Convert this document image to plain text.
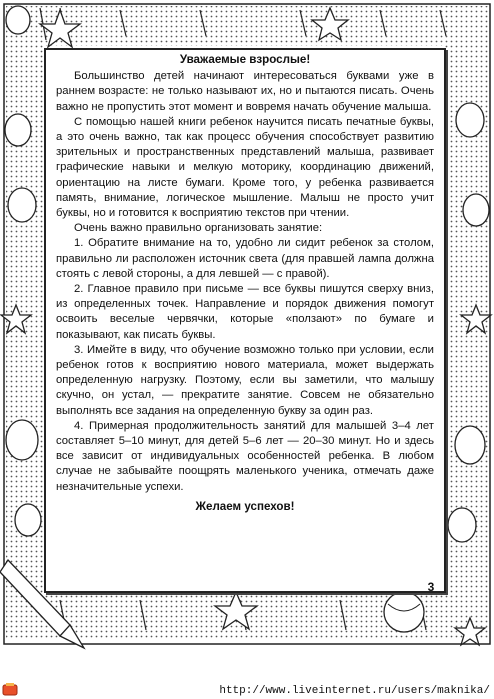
Уважаемые взрослые!

Большинство детей начинают интересоваться буквами уже в раннем возрасте: не только называют их, но и пытаются писать. Очень важно не пропустить этот момент и вовремя начать обучение малыша.

С помощью нашей книги ребенок научится писать печатные буквы, а это очень важно, так как процесс обучения способствует развитию зрительных и пространственных представлений малыша, развивает графические навыки и мелкую моторику, координацию движений, ориентацию на листе бумаги. Кроме того, у ребенка развивается память, внимание, логическое мышление. Малыш не просто учит буквы, но и готовится к восприятию текстов при чтении.

Очень важно правильно организовать занятие:

1. Обратите внимание на то, удобно ли сидит ребенок за столом, правильно ли расположен источник света (для правшей лампа должна стоять с левой стороны, а для левшей — с правой).

2. Главное правило при письме — все буквы пишутся сверху вниз, из определенных точек. Направление и порядок движения помогут освоить веселые червячки, которые «ползают» по бумаге и показывают, как писать буквы.

3. Имейте в виду, что обучение возможно только при условии, если ребенок готов к восприятию нового материала, может выдержать определенную нагрузку. Поэтому, если вы заметили, что малышу скучно, он устал, — прекратите занятие. Совсем не обязательно выполнять все задания на определенную букву за один раз.

4. Примерная продолжительность занятий для малышей 3–4 лет составляет 5–10 минут, для детей 5–6 лет — 20–30 минут. Но и здесь все зависит от индивидуальных особенностей ребенка. В любом случае не забывайте поощрять маленького ученика, отмечать даже незначительные успехи.

Желаем успехов!

3
http://www.liveinternet.ru/users/maknika/
